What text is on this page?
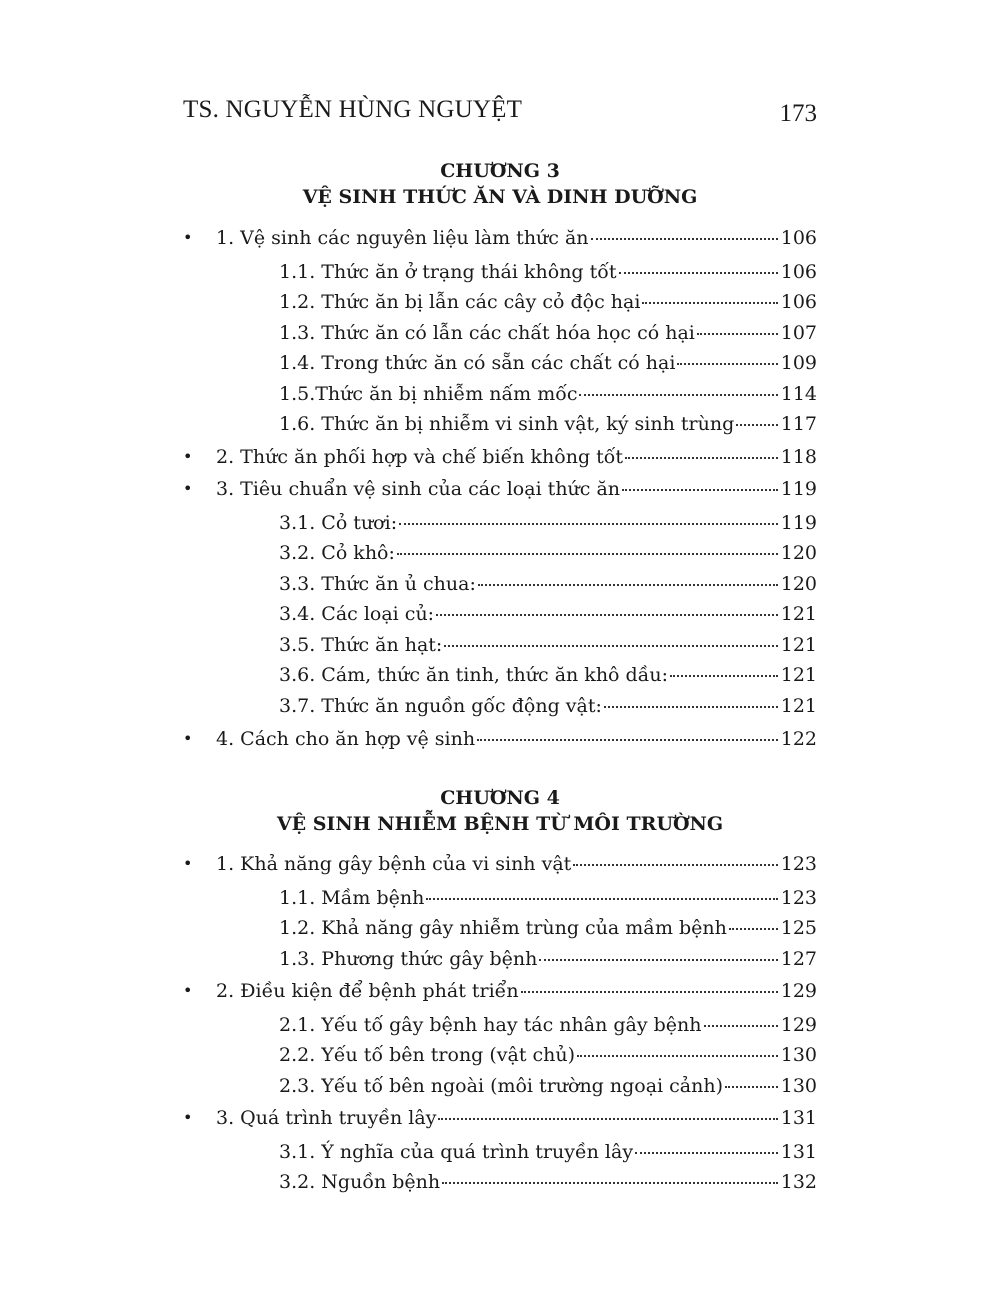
TS. NGUYỄN HÙNG NGUYỆT	173
CHƯƠNG 3
VỆ SINH THỨC ĂN VÀ DINH DƯỠNG
• 1. Vệ sinh các nguyên liệu làm thức ăn	106
1.1. Thức ăn ở trạng thái không tốt	106
1.2. Thức ăn bị lẫn các cây cỏ độc hại	106
1.3. Thức ăn có lẫn các chất hóa học có hại	107
1.4. Trong thức ăn có sẵn các chất có hại	109
1.5.Thức ăn bị nhiễm nấm mốc	114
1.6. Thức ăn bị nhiễm vi sinh vật, ký sinh trùng 117
• 2. Thức ăn phối hợp và chế biến không tốt	118
• 3. Tiêu chuẩn vệ sinh của các loại thức ăn	119
3.1. Cỏ tươi:	119
3.2. Cỏ khô:	120
3.3. Thức ăn ủ chua:	120
3.4. Các loại củ:	121
3.5. Thức ăn hạt:	121
3.6. Cám, thức ăn tinh, thức ăn khô dầu:	121
3.7. Thức ăn nguồn gốc động vật:	121
• 4. Cách cho ăn hợp vệ sinh	122
CHƯƠNG 4
VỆ SINH NHIỄM BỆNH TỪ MÔI TRƯỜNG
• 1. Khả năng gây bệnh của vi sinh vật	123
1.1. Mầm bệnh	123
1.2. Khả năng gây nhiễm trùng của mầm bệnh	125
1.3. Phương thức gây bệnh	127
• 2. Điều kiện để bệnh phát triển	129
2.1. Yếu tố gây bệnh hay tác nhân gây bệnh	129
2.2. Yếu tố bên trong (vật chủ)	130
2.3. Yếu tố bên ngoài (môi trường ngoại cảnh)	130
• 3. Quá trình truyền lây	131
3.1. Ý nghĩa của quá trình truyền lây	131
3.2. Nguồn bệnh	132
